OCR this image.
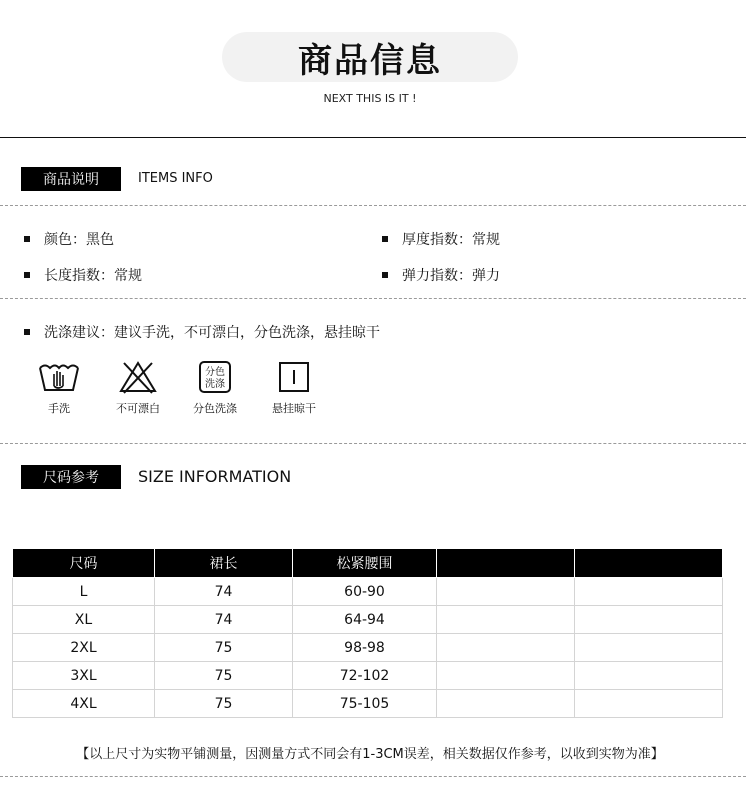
商品信息
NEXT THIS IS IT !
商品说明	ITEMS INFO
颜色：黑色	厚度指数：常规
长度指数：常规	弹力指数：弹力
洗涤建议：建议手洗，不可漂白，分色洗涤，悬挂晾干
手洗	不可漂白
分色
洗涤
分色洗涤	悬挂晾干
尺码参考	SIZE INFORMATION
尺码	裙长	松紧腰围		
L	74	60-90		
XL	74	64-94		
2XL	75	98-98		
3XL	75	72-102		
4XL	75	75-105		
【以上尺寸为实物平铺测量，因测量方式不同会有1-3CM误差，相关数据仅作参考，以收到实物为准】
